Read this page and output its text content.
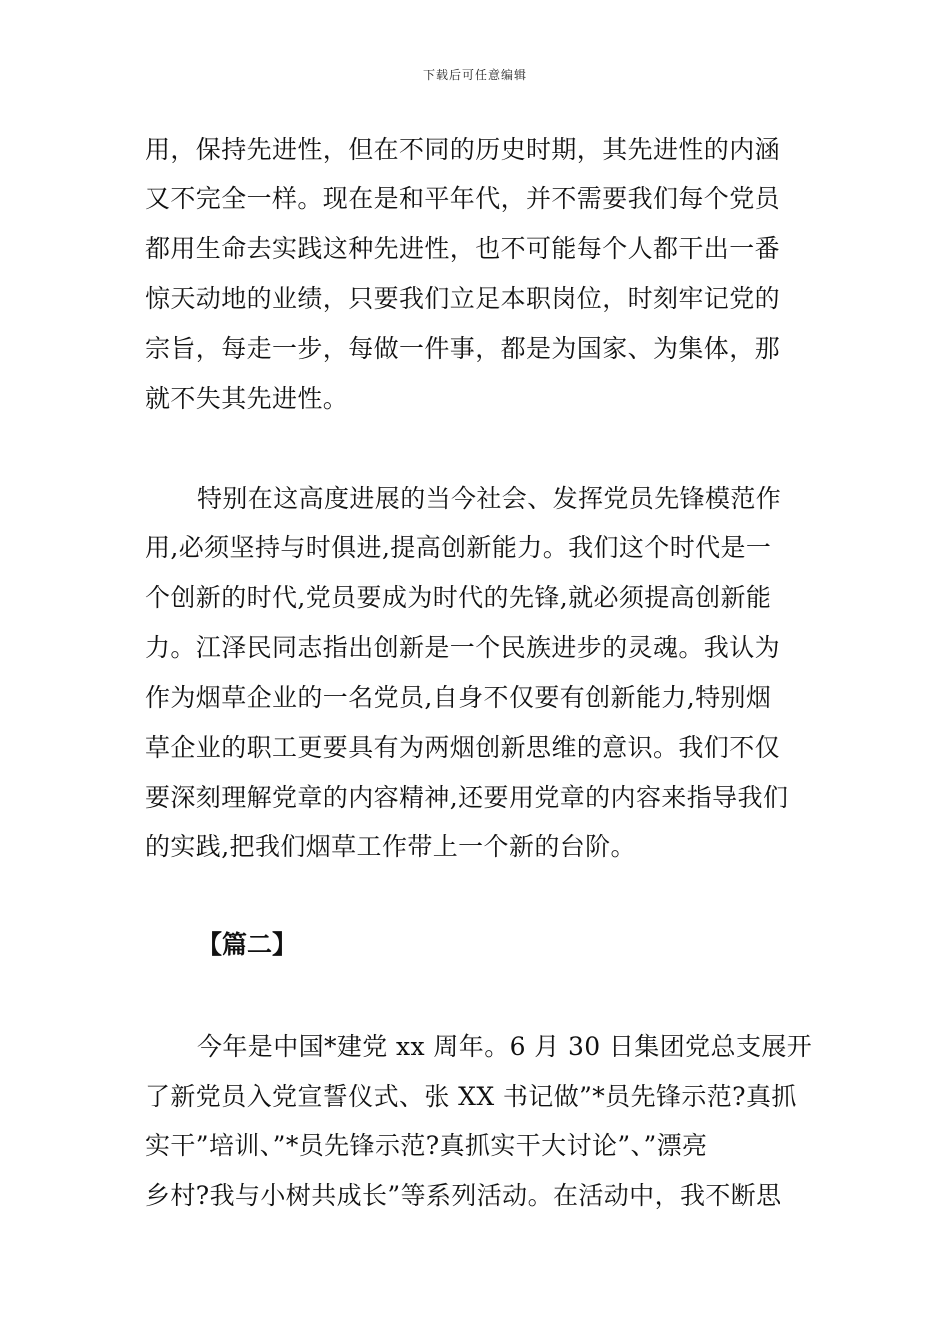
下载后可任意编辑
用，保持先进性，但在不同的历史时期，其先进性的内涵
又不完全一样。现在是和平年代，并不需要我们每个党员
都用生命去实践这种先进性，也不可能每个人都干出一番
惊天动地的业绩，只要我们立足本职岗位，时刻牢记党的
宗旨，每走一步，每做一件事，都是为国家、为集体，那
就不失其先进性。
特别在这高度进展的当今社会、发挥党员先锋模范作
用,必须坚持与时俱进,提高创新能力。我们这个时代是一
个创新的时代,党员要成为时代的先锋,就必须提高创新能
力。江泽民同志指出创新是一个民族进步的灵魂。我认为
作为烟草企业的一名党员,自身不仅要有创新能力,特别烟
草企业的职工更要具有为两烟创新思维的意识。我们不仅
要深刻理解党章的内容精神,还要用党章的内容来指导我们
的实践,把我们烟草工作带上一个新的台阶。
【篇二】
今年是中国*建党 xx 周年。6 月 30 日集团党总支展开
了新党员入党宣誓仪式、张 XX 书记做”*员先锋示范?真抓
实干”培训、”*员先锋示范?真抓实干大讨论”、”漂亮
乡村?我与小树共成长”等系列活动。在活动中，我不断思
